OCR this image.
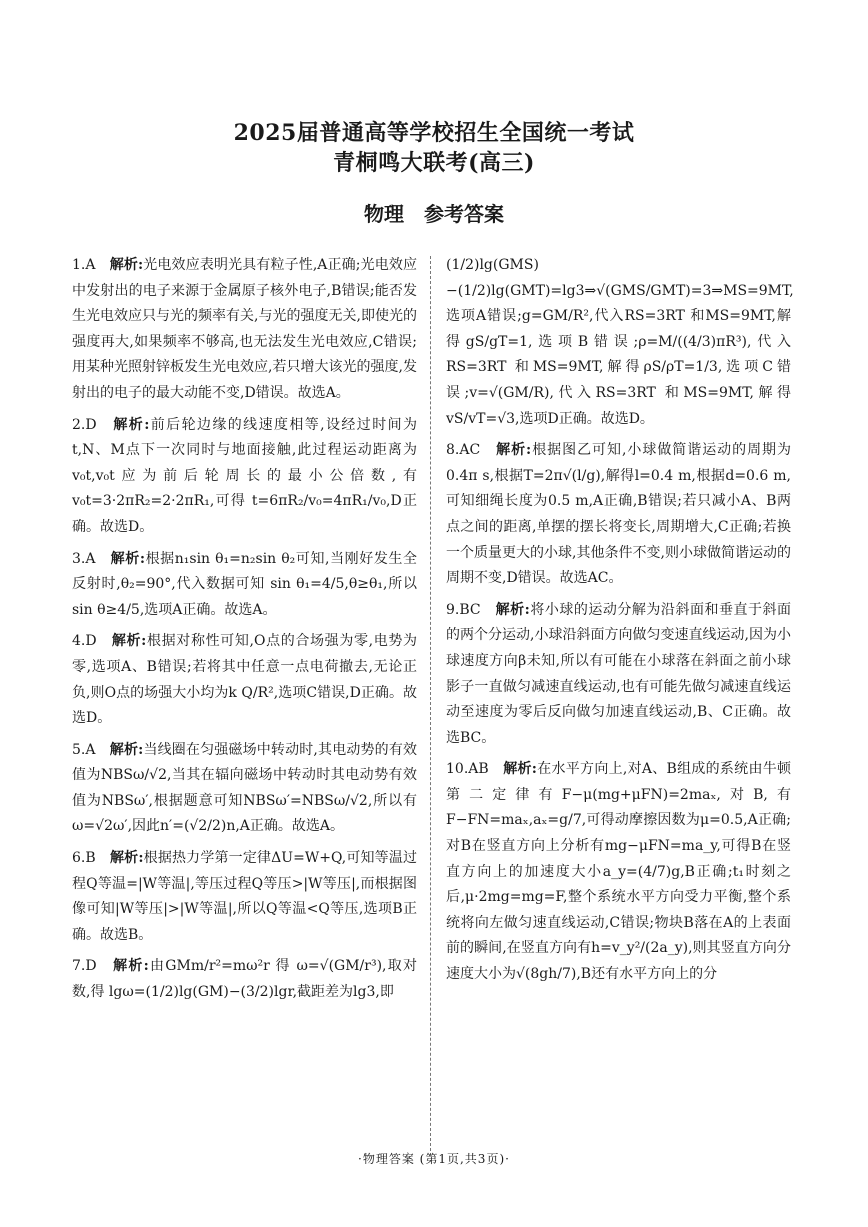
2025届普通高等学校招生全国统一考试
青桐鸣大联考(高三)
物理　参考答案
1.A　 解析:光电效应表明光具有粒子性,A正确;光电效应中发射出的电子来源于金属原子核外电子,B错误;能否发生光电效应只与光的频率有关,与光的强度无关,即使光的强度再大,如果频率不够高,也无法发生光电效应,C错误;用某种光照射锌板发生光电效应,若只增大该光的强度,发射出的电子的最大动能不变,D错误。故选A。
2.D　 解析:前后轮边缘的线速度相等,设经过时间为t,N、M点下一次同时与地面接触,此过程运动距离为v₀t,v₀t应为前后轮周长的最小公倍数,有v₀t=3·2πR₂=2·2πR₁,可得 t=6πR₂/v₀=4πR₁/v₀,D正确。故选D。
3.A　 解析:根据n₁sin θ₁=n₂sin θ₂可知,当刚好发生全反射时,θ₂=90°,代入数据可知 sin θ₁=4/5,θ≥θ₁,所以 sin θ≥4/5,选项A正确。故选A。
4.D　 解析:根据对称性可知,O点的合场强为零,电势为零,选项A、B错误;若将其中任意一点电荷撤去,无论正负,则O点的场强大小均为k Q/R²,选项C错误,D正确。故选D。
5.A　 解析:当线圈在匀强磁场中转动时,其电动势的有效值为NBSω/√2,当其在辐向磁场中转动时其电动势有效值为NBSω′,根据题意可知NBSω′=NBSω/√2,所以有ω=√2ω′,因此n′=(√2/2)n,A正确。故选A。
6.B　 解析:根据热力学第一定律ΔU=W+Q,可知等温过程Q等温=|W等温|,等压过程Q等压>|W等压|,而根据图像可知|W等压|>|W等温|,所以Q等温<Q等压,选项B正确。故选B。
7.D　 解析:由GMm/r²=mω²r 得 ω=√(GM/r³),取对数,得 lgω=(1/2)lg(GM)−(3/2)lgr,截距差为lg3,即
(1/2)lg(GMS)−(1/2)lg(GMT)=lg3⇒√(GMS/GMT)=3⇒MS=9MT,选项A错误;g=GM/R²,代入RS=3RT 和MS=9MT,解得gS/gT=1,选项B错误;ρ=M/((4/3)πR³),代入RS=3RT 和MS=9MT,解得ρS/ρT=1/3,选项C错误;v=√(GM/R),代入RS=3RT 和MS=9MT,解得vS/vT=√3,选项D正确。故选D。
8.AC　 解析:根据图乙可知,小球做简谐运动的周期为0.4π s,根据T=2π√(l/g),解得l=0.4 m,根据d=0.6 m,可知细绳长度为0.5 m,A正确,B错误;若只减小A、B两点之间的距离,单摆的摆长将变长,周期增大,C正确;若换一个质量更大的小球,其他条件不变,则小球做简谐运动的周期不变,D错误。故选AC。
9.BC　 解析:将小球的运动分解为沿斜面和垂直于斜面的两个分运动,小球沿斜面方向做匀变速直线运动,因为小球速度方向β未知,所以有可能在小球落在斜面之前小球影子一直做匀减速直线运动,也有可能先做匀减速直线运动至速度为零后反向做匀加速直线运动,B、C正确。故选BC。
10.AB　 解析:在水平方向上,对A、B组成的系统由牛顿第二定律有F−μ(mg+μFN)=2maₓ,对B,有F−FN=maₓ,aₓ=g/7,可得动摩擦因数为μ=0.5,A正确;对B在竖直方向上分析有mg−μFN=ma_y,可得B在竖直方向上的加速度大小a_y=(4/7)g,B正确;t₁时刻之后,μ·2mg=mg=F,整个系统水平方向受力平衡,整个系统将向左做匀速直线运动,C错误;物块B落在A的上表面前的瞬间,在竖直方向有h=v_y²/(2a_y),则其竖直方向分速度大小为√(8gh/7),B还有水平方向上的分
·物理答案 (第1页,共3页)·
